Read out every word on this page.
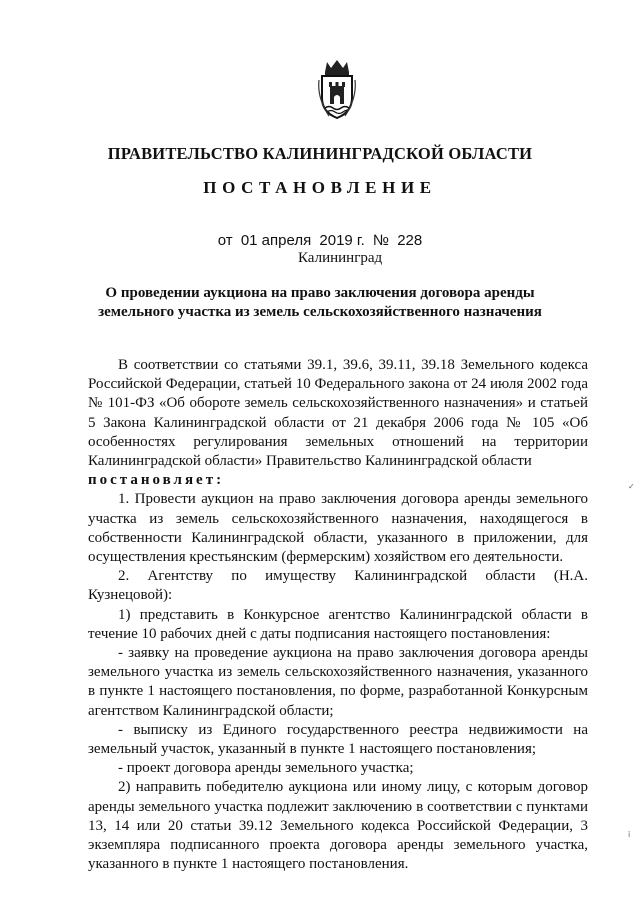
ПРАВИТЕЛЬСТВО КАЛИНИНГРАДСКОЙ ОБЛАСТИ
ПОСТАНОВЛЕНИЕ
от 01 апреля 2019 г. № 228
Калининград
О проведении аукциона на право заключения договора аренды
земельного участка из земель сельскохозяйственного назначения

В соответствии со статьями 39.1, 39.6, 39.11, 39.18 Земельного кодекса Российской Федерации, статьей 10 Федерального закона от 24 июля 2002 года № 101-ФЗ «Об обороте земель сельскохозяйственного назначения» и статьей 5 Закона Калининградской области от 21 декабря 2006 года № 105 «Об особенностях регулирования земельных отношений на территории Калининградской области» Правительство Калининградской области

постановляет:

1. Провести аукцион на право заключения договора аренды земельного участка из земель сельскохозяйственного назначения, находящегося в собственности Калининградской области, указанного в приложении, для осуществления крестьянским (фермерским) хозяйством его деятельности.

2. Агентству по имуществу Калининградской области (Н.А. Кузнецовой):

1) представить в Конкурсное агентство Калининградской области в течение 10 рабочих дней с даты подписания настоящего постановления:

- заявку на проведение аукциона на право заключения договора аренды земельного участка из земель сельскохозяйственного назначения, указанного в пункте 1 настоящего постановления, по форме, разработанной Конкурсным агентством Калининградской области;

- выписку из Единого государственного реестра недвижимости на земельный участок, указанный в пункте 1 настоящего постановления;

- проект договора аренды земельного участка;

2) направить победителю аукциона или иному лицу, с которым договор аренды земельного участка подлежит заключению в соответствии с пунктами 13, 14 или 20 статьи 39.12 Земельного кодекса Российской Федерации, 3 экземпляра подписанного проекта договора аренды земельного участка, указанного в пункте 1 настоящего постановления.

✓
ⅰ
